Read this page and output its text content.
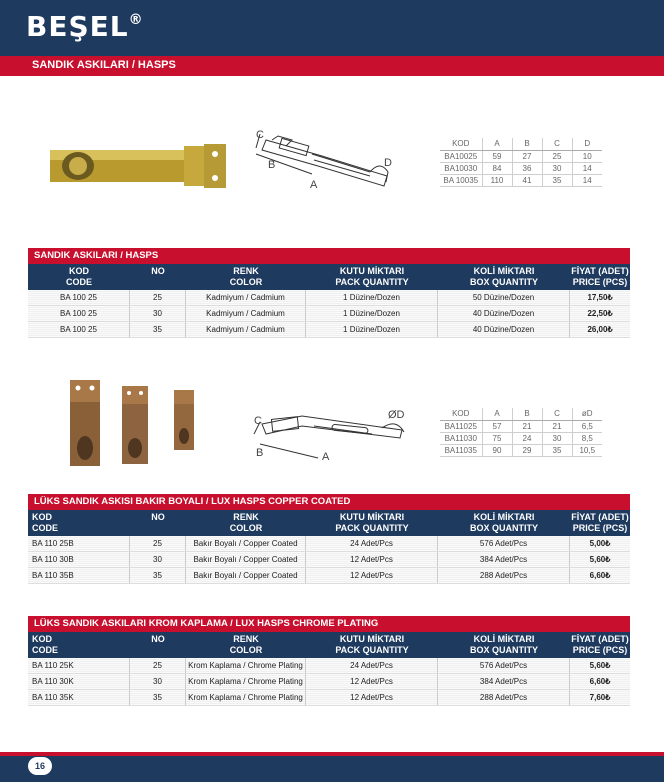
BEŞEL®
SANDIK ASKILARI / HASPS
C
B
A
D
KOD	A	B	C	D
BA10025	59	27	25	10
BA10030	84	36	30	14
BA 10035	110	41	35	14
SANDIK ASKILARI / HASPS
KOD
CODE
NO	RENK
COLOR
KUTU MİKTARI
PACK QUANTITY
KOLİ MİKTARI
BOX QUANTITY
FİYAT (ADET)
PRICE (PCS)
BA 100 25	25	Kadmiyum / Cadmium	1 Düzine/Dozen	50 Düzine/Dozen	17,50₺
BA 100 25	30	Kadmiyum / Cadmium	1 Düzine/Dozen	40 Düzine/Dozen	22,50₺
BA 100 25	35	Kadmiyum / Cadmium	1 Düzine/Dozen	40 Düzine/Dozen	26,00₺
C
B	A
ØD	KOD	A	B	C	øD
BA11025	57	21	21	6,5
BA11030	75	24	30	8,5
BA11035	90	29	35	10,5
LÜKS SANDIK ASKISI BAKIR BOYALI / LUX HASPS COPPER COATED
KOD
CODE
NO	RENK
COLOR
KUTU MİKTARI
PACK QUANTITY
KOLİ MİKTARI
BOX QUANTITY
FİYAT (ADET)
PRICE (PCS)
BA 110 25B	25	Bakır Boyalı / Copper Coated	24 Adet/Pcs	576 Adet/Pcs	5,00₺
BA 110 30B	30	Bakır Boyalı / Copper Coated	12 Adet/Pcs	384 Adet/Pcs	5,60₺
BA 110 35B	35	Bakır Boyalı / Copper Coated	12 Adet/Pcs	288 Adet/Pcs	6,60₺
LÜKS SANDIK ASKILARI KROM KAPLAMA / LUX HASPS CHROME PLATING
KOD
CODE
NO	RENK
COLOR
KUTU MİKTARI
PACK QUANTITY
KOLİ MİKTARI
BOX QUANTITY
FİYAT (ADET)
PRICE (PCS)
BA 110 25K	25	Krom Kaplama / Chrome Plating	24 Adet/Pcs	576 Adet/Pcs	5,60₺
BA 110 30K	30	Krom Kaplama / Chrome Plating	12 Adet/Pcs	384 Adet/Pcs	6,60₺
BA 110 35K	35	Krom Kaplama / Chrome Plating	12 Adet/Pcs	288 Adet/Pcs	7,60₺
16
